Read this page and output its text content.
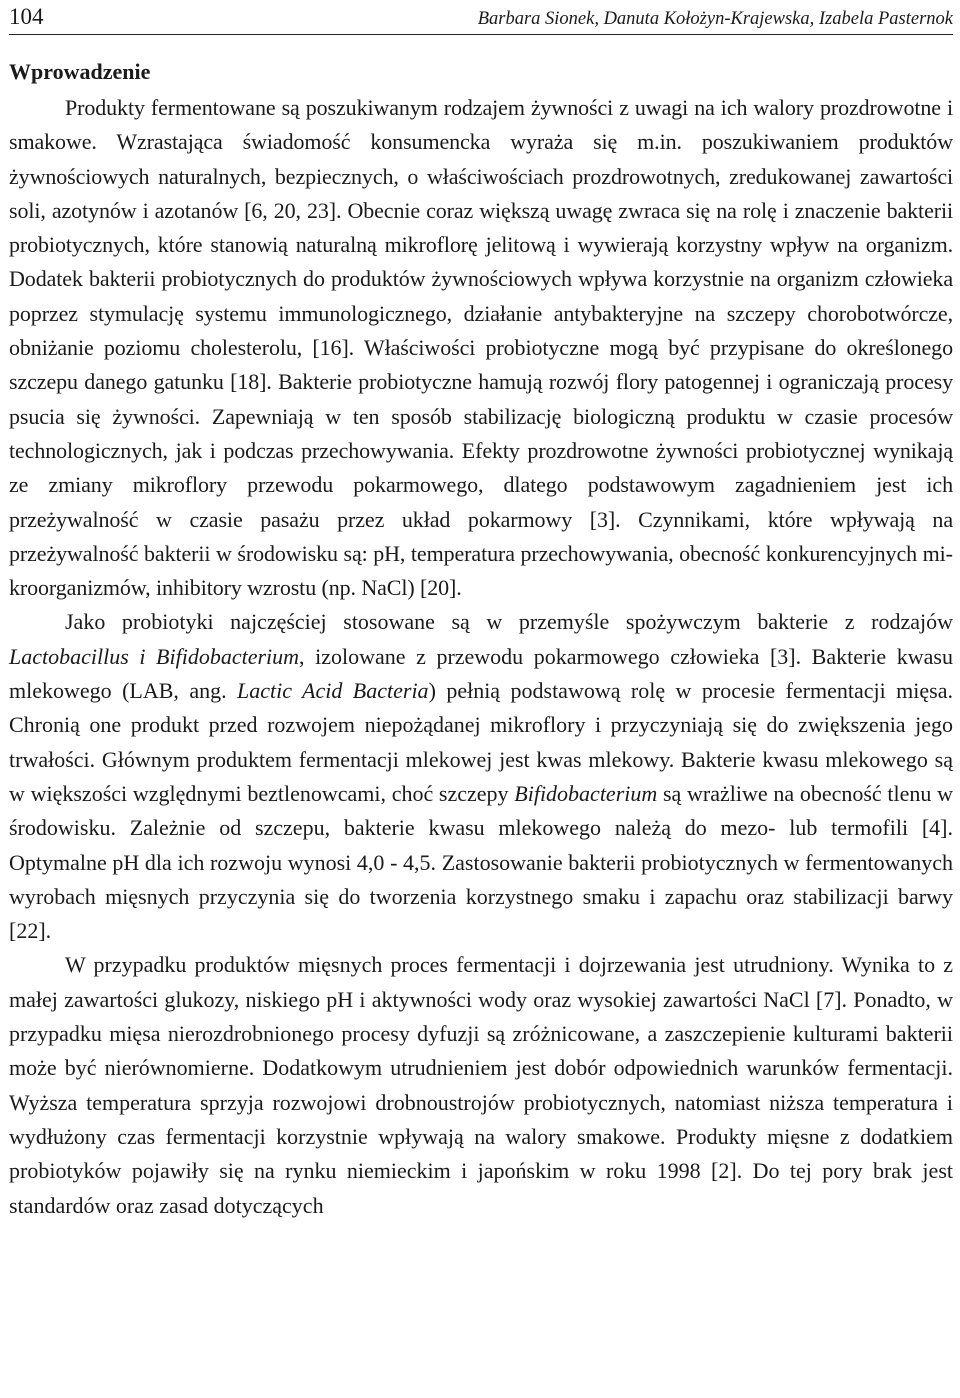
104	Barbara Sionek, Danuta Kołożyn-Krajewska, Izabela Pasternok
Wprowadzenie

Produkty fermentowane są poszukiwanym rodzajem żywności z uwagi na ich walory prozdrowotne i smakowe. Wzrastająca świadomość konsumencka wyraża się m.in. poszukiwaniem produktów żywnościowych naturalnych, bezpiecznych, o właściwościach prozdrowotnych, zredukowanej zawartości soli, azotynów i azotanów [6, 20, 23]. Obecnie coraz większą uwagę zwraca się na rolę i znaczenie bakterii probiotycznych, które stanowią naturalną mikroflorę jelitową i wywierają korzystny wpływ na organizm. Dodatek bakterii probiotycznych do produktów żywnościowych wpływa korzystnie na organizm człowieka poprzez stymulację systemu immunologicznego, działanie antybakteryjne na szczepy chorobotwórcze, obniżanie poziomu cholesterolu, [16]. Właściwości probiotyczne mogą być przypisane do określonego szczepu danego gatunku [18]. Bakterie probiotyczne hamują rozwój flory patogennej i ograniczają procesy psucia się żywności. Zapewniają w ten sposób stabilizację biologiczną produktu w czasie procesów technologicznych, jak i podczas przechowywania. Efekty prozdrowotne żywności probiotycznej wynikają ze zmiany mikroflory przewodu pokarmowego, dlatego podstawowym zagadnieniem jest ich przeżywalność w czasie pasażu przez układ pokarmowy [3]. Czynnikami, które wpływają na przeżywalność bakterii w środowisku są: pH, temperatura przechowywania, obecność konkurencyjnych mikroorganizmów, inhibitory wzrostu (np. NaCl) [20].

Jako probiotyki najczęściej stosowane są w przemyśle spożywczym bakterie z rodzajów Lactobacillus i Bifidobacterium, izolowane z przewodu pokarmowego człowieka [3]. Bakterie kwasu mlekowego (LAB, ang. Lactic Acid Bacteria) pełnią podstawową rolę w procesie fermentacji mięsa. Chronią one produkt przed rozwojem niepożądanej mikroflory i przyczyniają się do zwiększenia jego trwałości. Głównym produktem fermentacji mlekowej jest kwas mlekowy. Bakterie kwasu mlekowego są w większości względnymi beztlenowcami, choć szczepy Bifidobacterium są wrażliwe na obecność tlenu w środowisku. Zależnie od szczepu, bakterie kwasu mlekowego należą do mezo- lub termofili [4]. Optymalne pH dla ich rozwoju wynosi 4,0 - 4,5. Zastosowanie bakterii probiotycznych w fermentowanych wyrobach mięsnych przyczynia się do tworzenia korzystnego smaku i zapachu oraz stabilizacji barwy [22].

W przypadku produktów mięsnych proces fermentacji i dojrzewania jest utrudniony. Wynika to z małej zawartości glukozy, niskiego pH i aktywności wody oraz wysokiej zawartości NaCl [7]. Ponadto, w przypadku mięsa nierozdrobnionego procesy dyfuzji są zróżnicowane, a zaszczepienie kulturami bakterii może być nierównomierne. Dodatkowym utrudnieniem jest dobór odpowiednich warunków fermentacji. Wyższa temperatura sprzyja rozwojowi drobnoustrojów probiotycznych, natomiast niższa temperatura i wydłużony czas fermentacji korzystnie wpływają na walory smakowe. Produkty mięsne z dodatkiem probiotyków pojawiły się na rynku niemieckim i japońskim w roku 1998 [2]. Do tej pory brak jest standardów oraz zasad dotyczących
